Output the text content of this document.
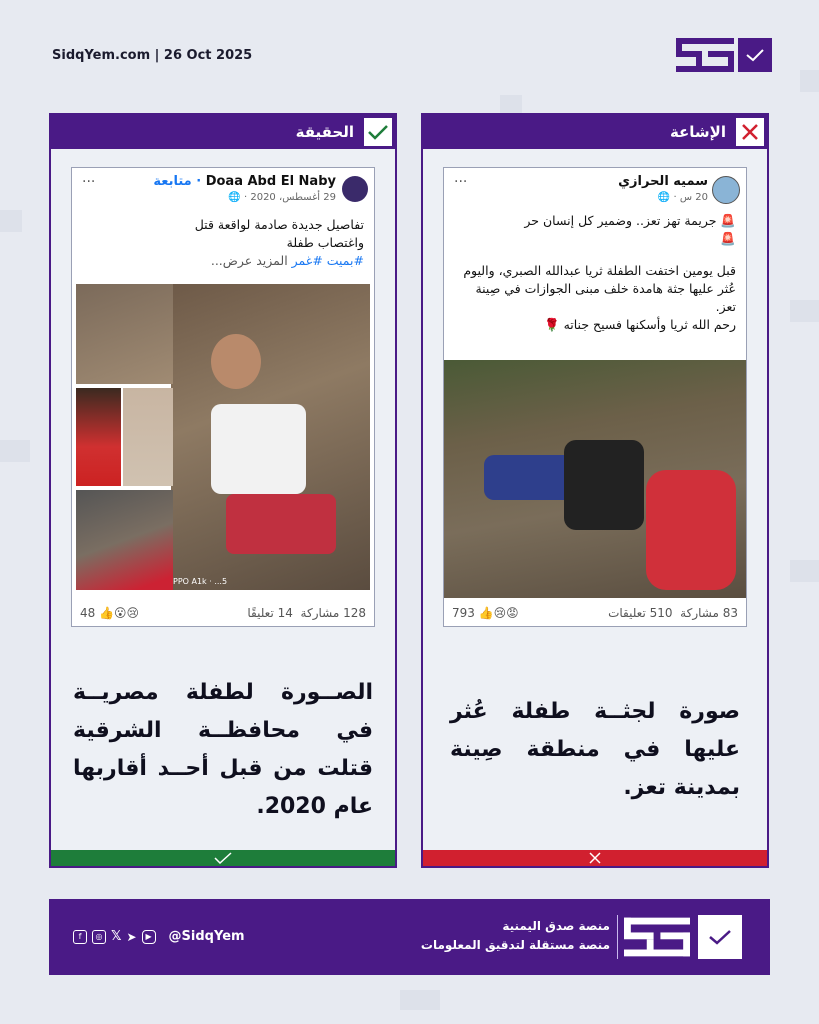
SidqYem.com | 26 Oct 2025
الحقيقة
···	Doaa Abd El Naby · متابعة
29 أغسطس، 2020 · 🌐
تفاصيل جديدة صادمة لواقعة قتل
واغتصاب طفلة
#بميت #غمر المزيد عرض...
PPO A1k · ...5
128 مشاركة  14 تعليقًا
😢😮👍 48
الصــورة لطفلة مصريــة في محافظــة الشرقية قتلت من قبل أحــد أقاربها عام 2020.
الإشاعة
···	سميه الحرازي
20 س · 🌐
🚨 جريمة تهز تعز.. وضمير كل إنسان حر
🚨
قبل يومين اختفت الطفلة ثريا عبدالله الصبري، واليوم عُثر عليها جثة هامدة خلف مبنى الجوازات في صِينة تعز.
رحم الله ثريا وأسكنها فسيح جناته 🌹
83 مشاركة  510 تعليقات
😡😢👍 793
صورة لجثــة طفلة عُثر عليها في منطقة صِينة بمدينة تعز.
f	◎ 𝕏 ➤	▶	@SidqYem
منصة صدق اليمنية
منصة مستقلة لتدقيق المعلومات
